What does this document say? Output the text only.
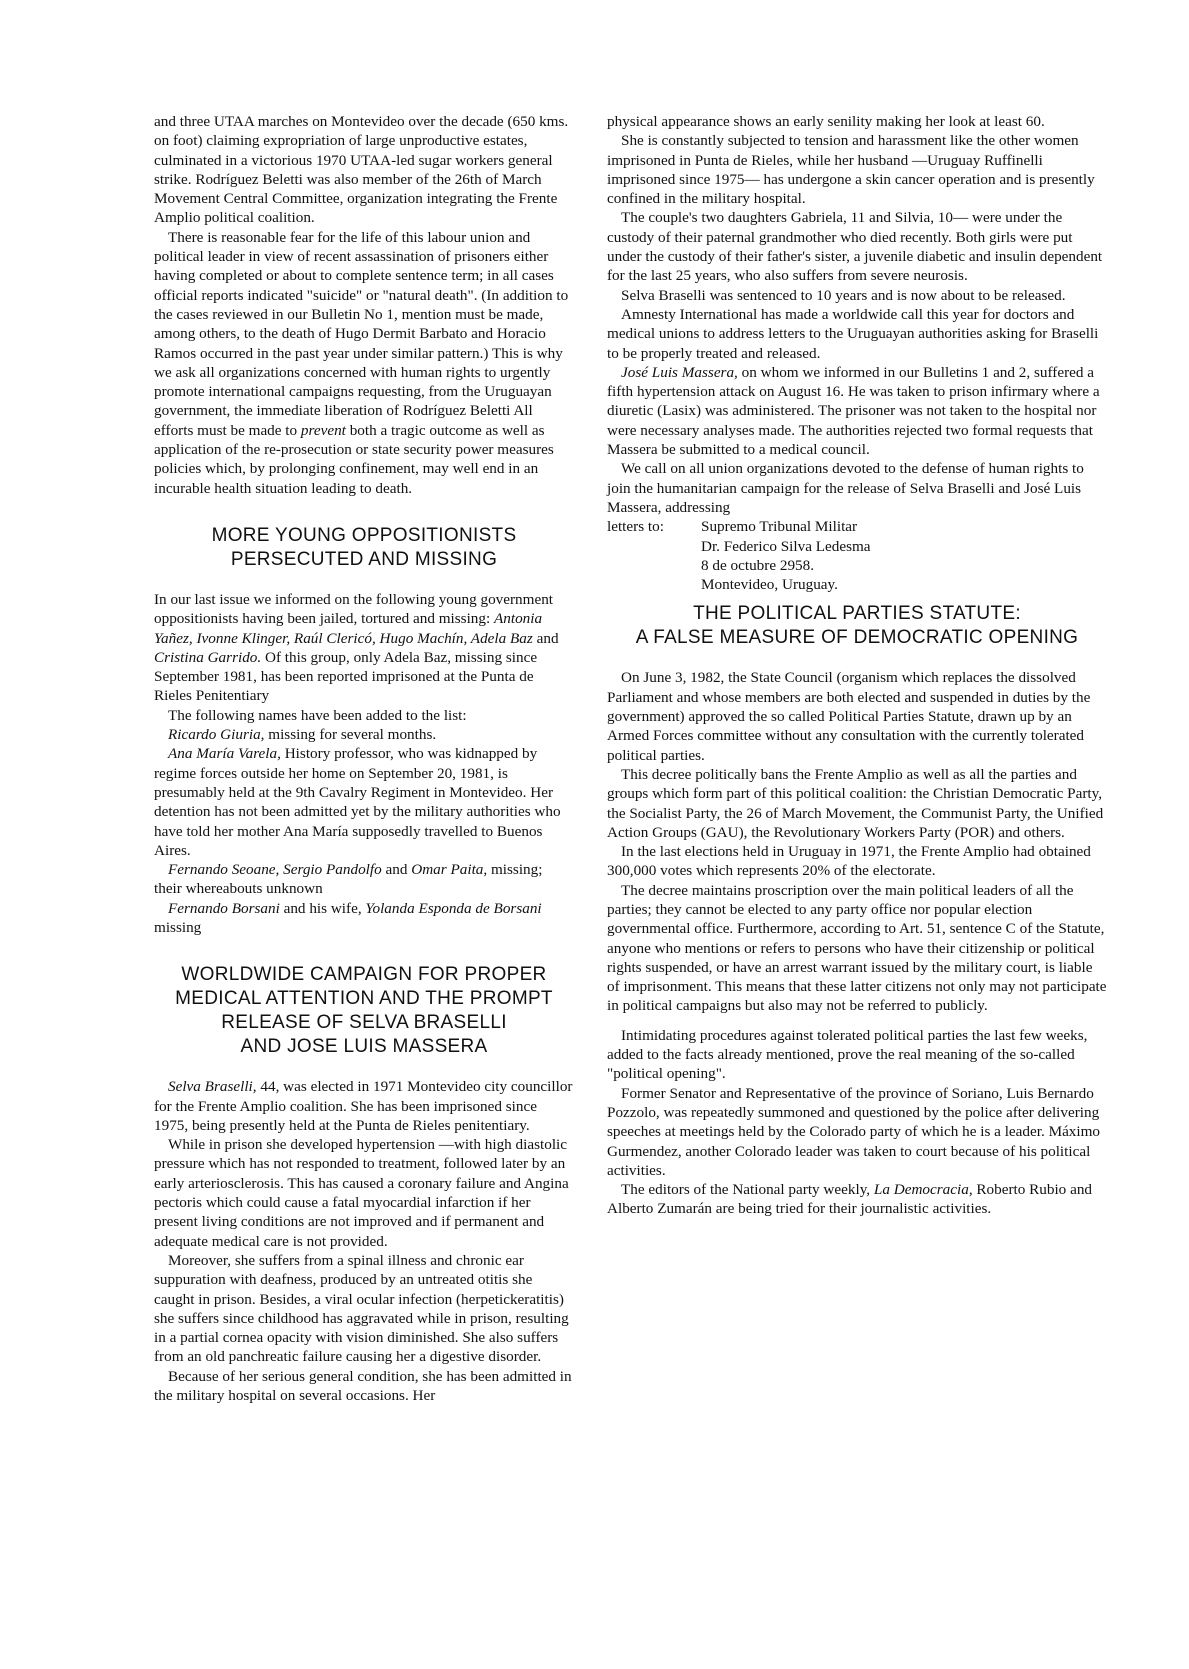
and three UTAA marches on Montevideo over the decade (650 kms. on foot) claiming expropriation of large unproductive estates, culminated in a victorious 1970 UTAA-led sugar workers general strike. Rodríguez Beletti was also member of the 26th of March Movement Central Committee, organization integrating the Frente Amplio political coalition.

There is reasonable fear for the life of this labour union and political leader in view of recent assassination of prisoners either having completed or about to complete sentence term; in all cases official reports indicated "suicide" or "natural death". (In addition to the cases reviewed in our Bulletin No 1, mention must be made, among others, to the death of Hugo Dermit Barbato and Horacio Ramos occurred in the past year under similar pattern.) This is why we ask all organizations concerned with human rights to urgently promote international campaigns requesting, from the Uruguayan government, the immediate liberation of Rodríguez Beletti All efforts must be made to prevent both a tragic outcome as well as application of the re-prosecution or state security power measures policies which, by prolonging confinement, may well end in an incurable health situation leading to death.

MORE YOUNG OPPOSITIONISTS
PERSECUTED AND MISSING

In our last issue we informed on the following young government oppositionists having been jailed, tortured and missing: Antonia Yañez, Ivonne Klinger, Raúl Clericó, Hugo Machín, Adela Baz and Cristina Garrido. Of this group, only Adela Baz, missing since September 1981, has been reported imprisoned at the Punta de Rieles Penitentiary

The following names have been added to the list:

Ricardo Giuria, missing for several months.

Ana María Varela, History professor, who was kidnapped by regime forces outside her home on September 20, 1981, is presumably held at the 9th Cavalry Regiment in Montevideo. Her detention has not been admitted yet by the military authorities who have told her mother Ana María supposedly travelled to Buenos Aires.

Fernando Seoane, Sergio Pandolfo and Omar Paita, missing; their whereabouts unknown

Fernando Borsani and his wife, Yolanda Esponda de Borsani missing

WORLDWIDE CAMPAIGN FOR PROPER
MEDICAL ATTENTION AND THE PROMPT
RELEASE OF SELVA BRASELLI
AND JOSE LUIS MASSERA

Selva Braselli, 44, was elected in 1971 Montevideo city councillor for the Frente Amplio coalition. She has been imprisoned since 1975, being presently held at the Punta de Rieles penitentiary.

While in prison she developed hypertension —with high diastolic pressure which has not responded to treatment, followed later by an early arteriosclerosis. This has caused a coronary failure and Angina pectoris which could cause a fatal myocardial infarction if her present living conditions are not improved and if permanent and adequate medical care is not provided.

Moreover, she suffers from a spinal illness and chronic ear suppuration with deafness, produced by an untreated otitis she caught in prison. Besides, a viral ocular infection (herpetickeratitis) she suffers since childhood has aggravated while in prison, resulting in a partial cornea opacity with vision diminished. She also suffers from an old panchreatic failure causing her a digestive disorder.

Because of her serious general condition, she has been admitted in the military hospital on several occasions. Her

physical appearance shows an early senility making her look at least 60.

She is constantly subjected to tension and harassment like the other women imprisoned in Punta de Rieles, while her husband —Uruguay Ruffinelli imprisoned since 1975— has undergone a skin cancer operation and is presently confined in the military hospital.

The couple's two daughters Gabriela, 11 and Silvia, 10— were under the custody of their paternal grandmother who died recently. Both girls were put under the custody of their father's sister, a juvenile diabetic and insulin dependent for the last 25 years, who also suffers from severe neurosis.

Selva Braselli was sentenced to 10 years and is now about to be released.

Amnesty International has made a worldwide call this year for doctors and medical unions to address letters to the Uruguayan authorities asking for Braselli to be properly treated and released.

José Luis Massera, on whom we informed in our Bulletins 1 and 2, suffered a fifth hypertension attack on August 16. He was taken to prison infirmary where a diuretic (Lasix) was administered. The prisoner was not taken to the hospital nor were necessary analyses made. The authorities rejected two formal requests that Massera be submitted to a medical council.

We call on all union organizations devoted to the defense of human rights to join the humanitarian campaign for the release of Selva Braselli and José Luis Massera, addressing

letters to:	Supremo Tribunal Militar
Dr. Federico Silva Ledesma
8 de octubre 2958.
Montevideo, Uruguay.
THE POLITICAL PARTIES STATUTE:
A FALSE MEASURE OF DEMOCRATIC OPENING

On June 3, 1982, the State Council (organism which replaces the dissolved Parliament and whose members are both elected and suspended in duties by the government) approved the so called Political Parties Statute, drawn up by an Armed Forces committee without any consultation with the currently tolerated political parties.

This decree politically bans the Frente Amplio as well as all the parties and groups which form part of this political coalition: the Christian Democratic Party, the Socialist Party, the 26 of March Movement, the Communist Party, the Unified Action Groups (GAU), the Revolutionary Workers Party (POR) and others.

In the last elections held in Uruguay in 1971, the Frente Amplio had obtained 300,000 votes which represents 20% of the electorate.

The decree maintains proscription over the main political leaders of all the parties; they cannot be elected to any party office nor popular election governmental office. Furthermore, according to Art. 51, sentence C of the Statute, anyone who mentions or refers to persons who have their citizenship or political rights suspended, or have an arrest warrant issued by the military court, is liable of imprisonment. This means that these latter citizens not only may not participate in political campaigns but also may not be referred to publicly.

Intimidating procedures against tolerated political parties the last few weeks, added to the facts already mentioned, prove the real meaning of the so-called "political opening".

Former Senator and Representative of the province of Soriano, Luis Bernardo Pozzolo, was repeatedly summoned and questioned by the police after delivering speeches at meetings held by the Colorado party of which he is a leader. Máximo Gurmendez, another Colorado leader was taken to court because of his political activities.

The editors of the National party weekly, La Democracia, Roberto Rubio and Alberto Zumarán are being tried for their journalistic activities.
